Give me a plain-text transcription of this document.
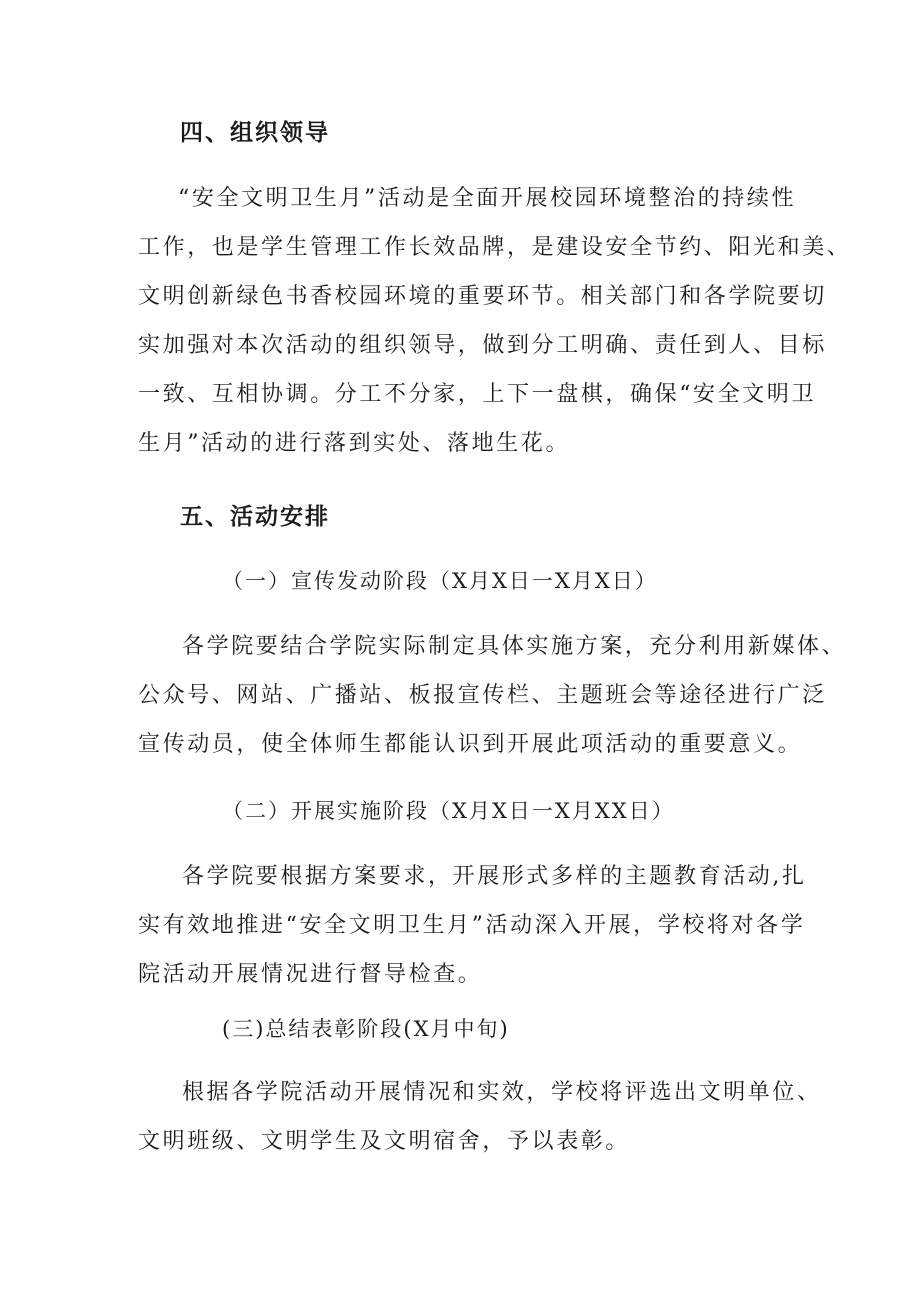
四、组织领导
“安全文明卫生月”活动是全面开展校园环境整治的持续性
工作，也是学生管理工作长效品牌，是建设安全节约、阳光和美、
文明创新绿色书香校园环境的重要环节。相关部门和各学院要切
实加强对本次活动的组织领导，做到分工明确、责任到人、目标
一致、互相协调。分工不分家，上下一盘棋，确保“安全文明卫
生月”活动的进行落到实处、落地生花。
五、活动安排
（一）宣传发动阶段（X月X日一X月X日）
各学院要结合学院实际制定具体实施方案，充分利用新媒体、
公众号、网站、广播站、板报宣传栏、主题班会等途径进行广泛
宣传动员，使全体师生都能认识到开展此项活动的重要意义。
（二）开展实施阶段（X月X日一X月XX日）
各学院要根据方案要求，开展形式多样的主题教育活动,扎
实有效地推进“安全文明卫生月”活动深入开展，学校将对各学
院活动开展情况进行督导检查。
(三)总结表彰阶段(X月中旬)
根据各学院活动开展情况和实效，学校将评选出文明单位、
文明班级、文明学生及文明宿舍，予以表彰。
